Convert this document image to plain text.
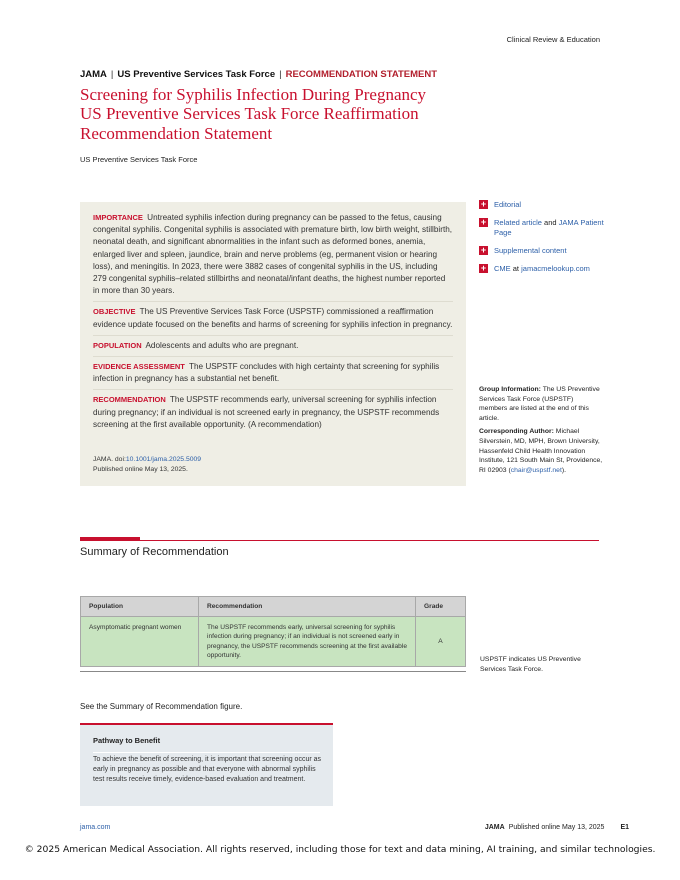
Clinical Review & Education
JAMA | US Preventive Services Task Force | RECOMMENDATION STATEMENT
Screening for Syphilis Infection During Pregnancy
US Preventive Services Task Force Reaffirmation Recommendation Statement
US Preventive Services Task Force
IMPORTANCE Untreated syphilis infection during pregnancy can be passed to the fetus, causing congenital syphilis. Congenital syphilis is associated with premature birth, low birth weight, stillbirth, neonatal death, and significant abnormalities in the infant such as deformed bones, anemia, enlarged liver and spleen, jaundice, brain and nerve problems (eg, permanent vision or hearing loss), and meningitis. In 2023, there were 3882 cases of congenital syphilis in the US, including 279 congenital syphilis–related stillbirths and neonatal/infant deaths, the highest number reported in more than 30 years.
OBJECTIVE The US Preventive Services Task Force (USPSTF) commissioned a reaffirmation evidence update focused on the benefits and harms of screening for syphilis infection in pregnancy.
POPULATION Adolescents and adults who are pregnant.
EVIDENCE ASSESSMENT The USPSTF concludes with high certainty that screening for syphilis infection in pregnancy has a substantial net benefit.
RECOMMENDATION The USPSTF recommends early, universal screening for syphilis infection during pregnancy; if an individual is not screened early in pregnancy, the USPSTF recommends screening at the first available opportunity. (A recommendation)
JAMA. doi:10.1001/jama.2025.5009
Published online May 13, 2025.
+ Editorial
+ Related article and JAMA Patient Page
+ Supplemental content
+ CME at jamacmelookup.com

Group Information: The US Preventive Services Task Force (USPSTF) members are listed at the end of this article.

Corresponding Author: Michael Silverstein, MD, MPH, Brown University, Hassenfeld Child Health Innovation Institute, 121 South Main St, Providence, RI 02903 (chair@uspstf.net).

Summary of Recommendation
Population	Recommendation	Grade
Asymptomatic pregnant women	The USPSTF recommends early, universal screening for syphilis infection during pregnancy; if an individual is not screened early in pregnancy, the USPSTF recommends screening at the first available opportunity.	A
USPSTF indicates US Preventive Services Task Force.
See the Summary of Recommendation figure.
Pathway to Benefit
To achieve the benefit of screening, it is important that screening occur as early in pregnancy as possible and that everyone with abnormal syphilis test results receive timely, evidence-based evaluation and treatment.
jama.com	JAMA Published online May 13, 2025 E1
© 2025 American Medical Association. All rights reserved, including those for text and data mining, AI training, and similar technologies.
